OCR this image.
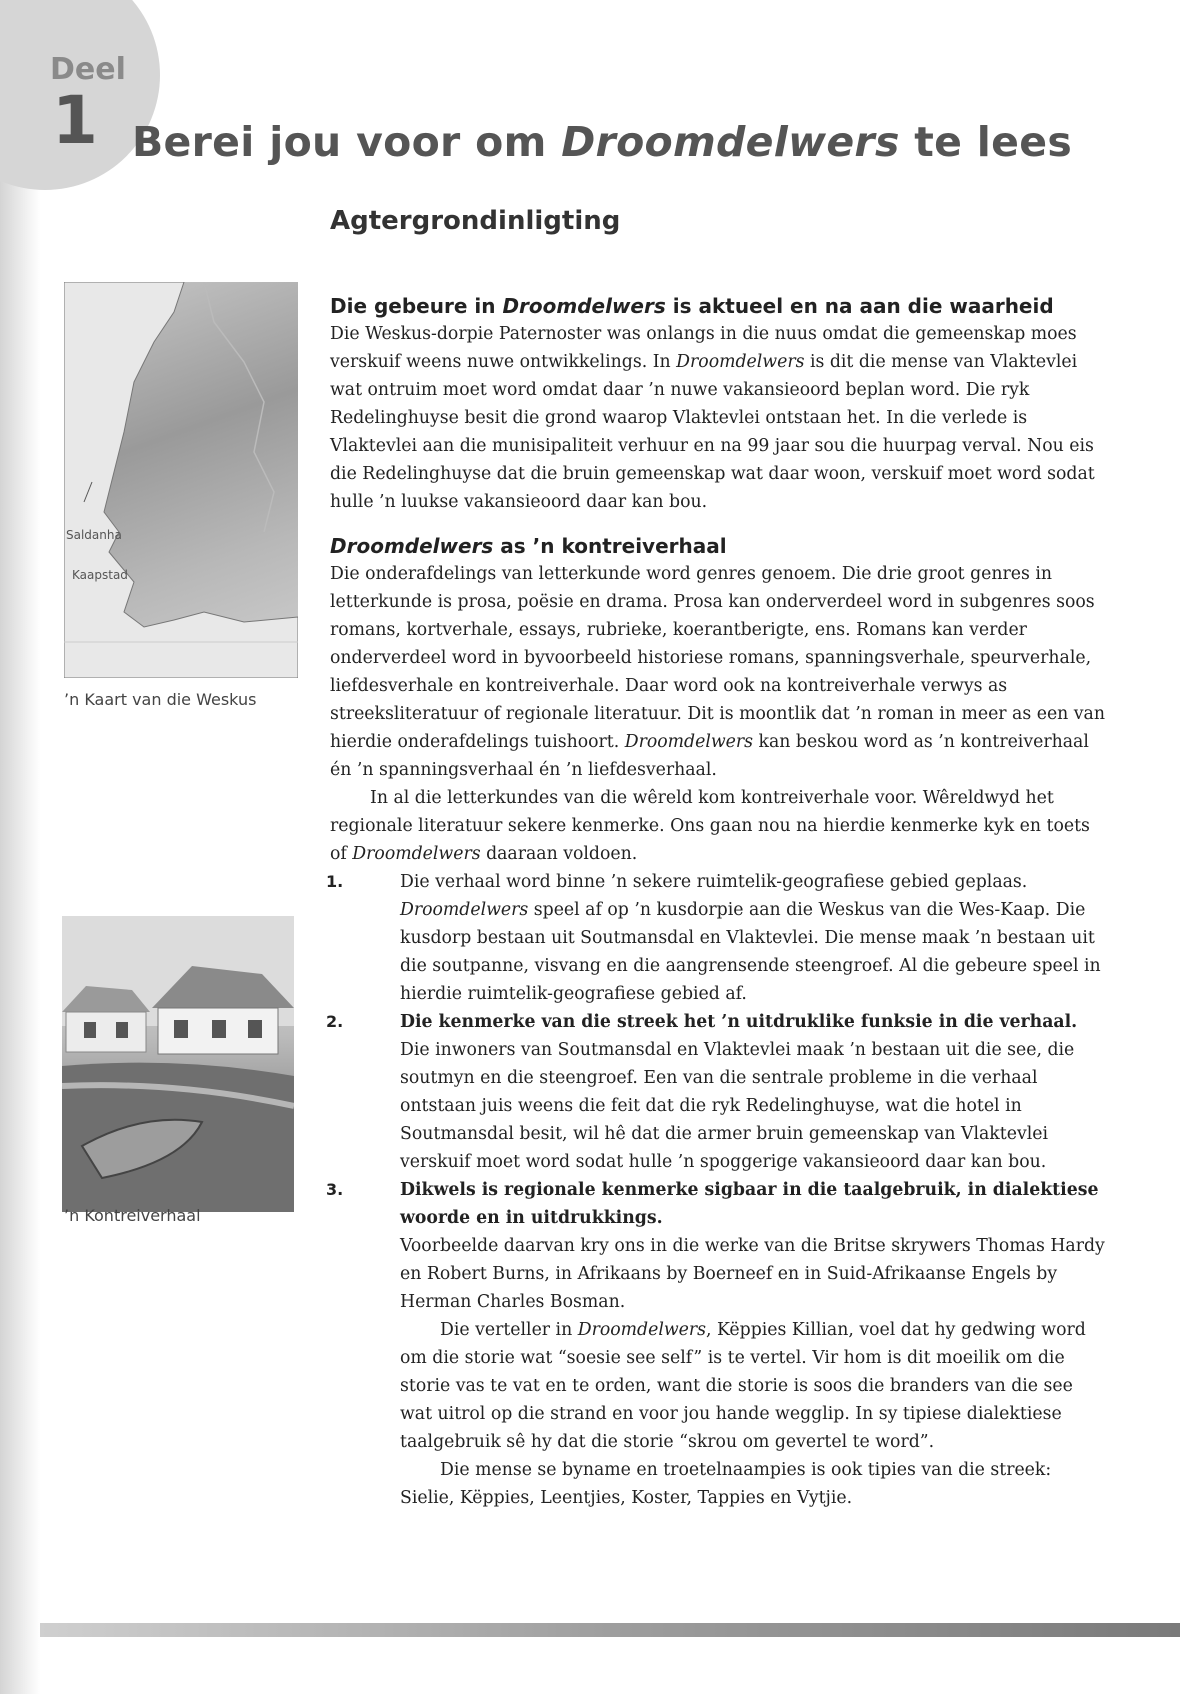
Deel
1 Berei jou voor om Droomdelwers te lees
Agtergrondinligting
Saldanha
Kaapstad
’n Kaart van die Weskus
’n Kontreiverhaal
Die gebeure in Droomdelwers is aktueel en na aan die waarheid

Die Weskus-dorpie Paternoster was onlangs in die nuus omdat die gemeenskap moes verskuif weens nuwe ontwikkelings. In Droomdelwers is dit die mense van Vlaktevlei wat ontruim moet word omdat daar ’n nuwe vakansieoord beplan word. Die ryk Redelinghuyse besit die grond waarop Vlaktevlei ontstaan het. In die verlede is Vlaktevlei aan die munisipaliteit verhuur en na 99 jaar sou die huurpag verval. Nou eis die Redelinghuyse dat die bruin gemeenskap wat daar woon, verskuif moet word sodat hulle ’n luukse vakansieoord daar kan bou.

Droomdelwers as ’n kontreiverhaal

Die onderafdelings van letterkunde word genres genoem. Die drie groot genres in letterkunde is prosa, poësie en drama. Prosa kan onderverdeel word in subgenres soos romans, kortverhale, essays, rubrieke, koerantberigte, ens. Romans kan verder onderverdeel word in byvoorbeeld historiese romans, spanningsverhale, speurverhale, liefdesverhale en kontreiverhale. Daar word ook na kontreiverhale verwys as streeksliteratuur of regionale literatuur. Dit is moontlik dat ’n roman in meer as een van hierdie onderafdelings tuishoort. Droomdelwers kan beskou word as ’n kontreiverhaal én ’n spanningsverhaal én ’n liefdesverhaal.

In al die letterkundes van die wêreld kom kontreiverhale voor. Wêreldwyd het regionale literatuur sekere kenmerke. Ons gaan nou na hierdie kenmerke kyk en toets of Droomdelwers daaraan voldoen.

1.	Die verhaal word binne ’n sekere ruimtelik-geografiese gebied geplaas.
Droomdelwers speel af op ’n kusdorpie aan die Weskus van die Wes-Kaap. Die kusdorp bestaan uit Soutmansdal en Vlaktevlei. Die mense maak ’n bestaan uit die soutpanne, visvang en die aangrensende steengroef. Al die gebeure speel in hierdie ruimtelik-geografiese gebied af.
2.	Die kenmerke van die streek het ’n uitdruklike funksie in die verhaal.
Die inwoners van Soutmansdal en Vlaktevlei maak ’n bestaan uit die see, die soutmyn en die steengroef. Een van die sentrale probleme in die verhaal ontstaan juis weens die feit dat die ryk Redelinghuyse, wat die hotel in Soutmansdal besit, wil hê dat die armer bruin gemeenskap van Vlaktevlei verskuif moet word sodat hulle ’n spoggerige vakansieoord daar kan bou.
3.	Dikwels is regionale kenmerke sigbaar in die taalgebruik, in dialektiese woorde en in uitdrukkings.
Voorbeelde daarvan kry ons in die werke van die Britse skrywers Thomas Hardy en Robert Burns, in Afrikaans by Boerneef en in Suid-Afrikaanse Engels by Herman Charles Bosman.

Die verteller in Droomdelwers, Këppies Killian, voel dat hy gedwing word om die storie wat “soesie see self” is te vertel. Vir hom is dit moeilik om die storie vas te vat en te orden, want die storie is soos die branders van die see wat uitrol op die strand en voor jou hande wegglip. In sy tipiese dialektiese taalgebruik sê hy dat die storie “skrou om gevertel te word”.

Die mense se byname en troetelnaampies is ook tipies van die streek: Sielie, Këppies, Leentjies, Koster, Tappies en Vytjie.
